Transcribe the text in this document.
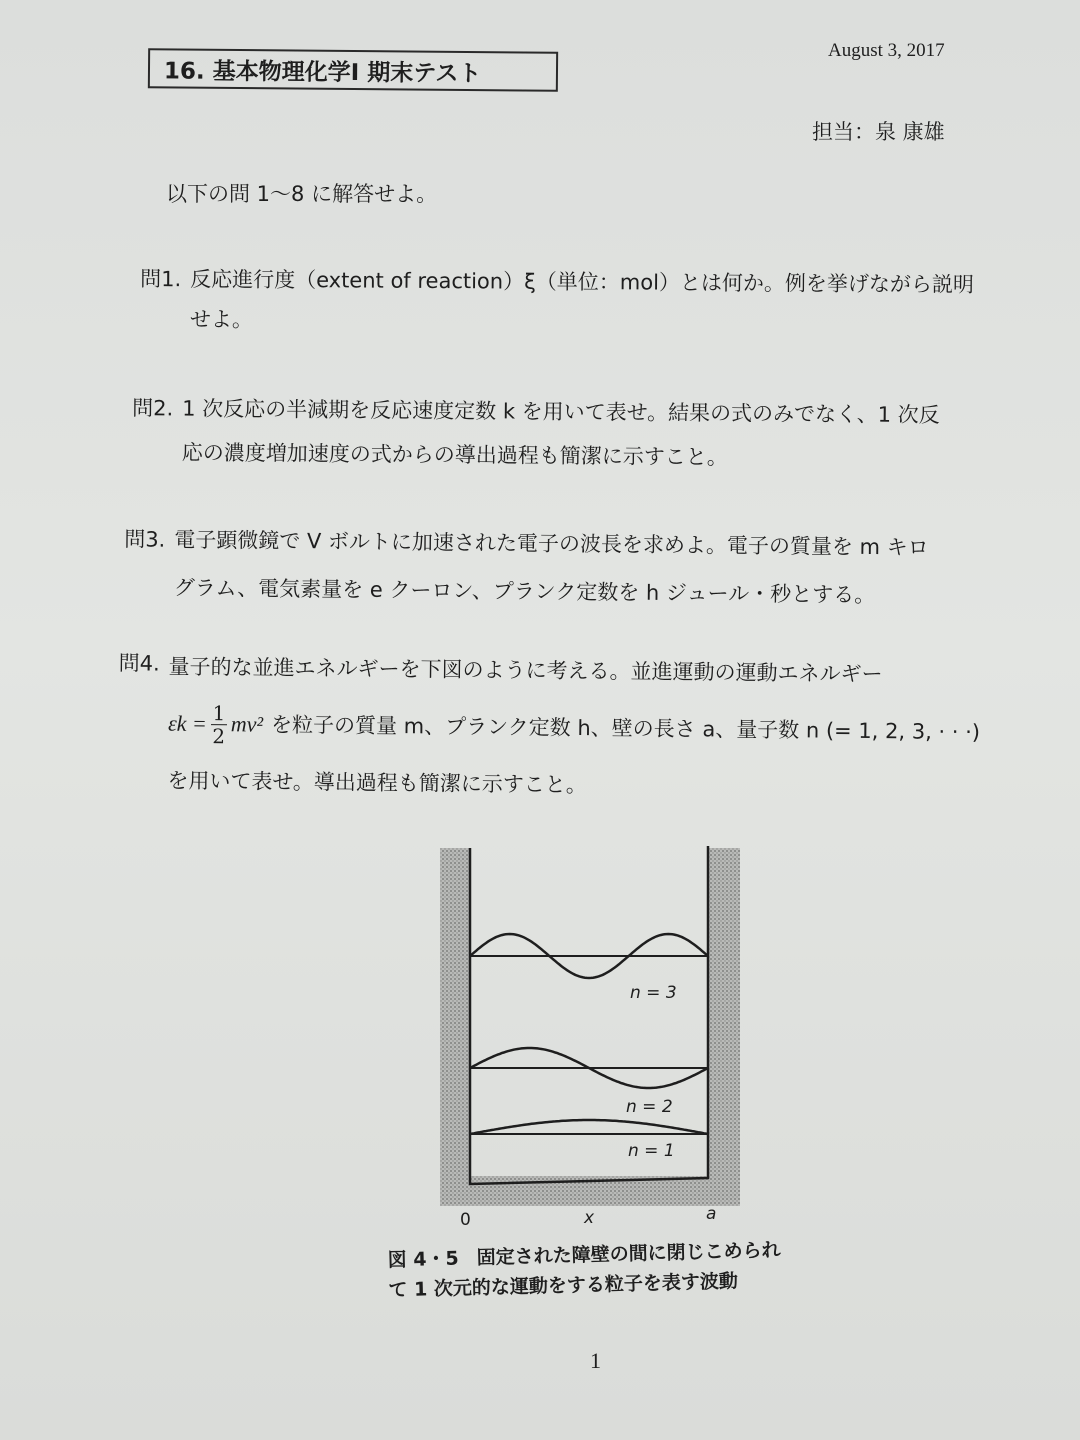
16. 基本物理化学I 期末テスト
August 3, 2017
担当：泉 康雄
以下の問 1〜8 に解答せよ。
問1. 反応進行度（extent of reaction）ξ（単位：mol）とは何か。例を挙げながら説明
せよ。
問2. 1 次反応の半減期を反応速度定数 k を用いて表せ。結果の式のみでなく、1 次反
応の濃度増加速度の式からの導出過程も簡潔に示すこと。
問3. 電子顕微鏡で V ボルトに加速された電子の波長を求めよ。電子の質量を m キロ
グラム、電気素量を e クーロン、プランク定数を h ジュール・秒とする。
問4. 量子的な並進エネルギーを下図のように考える。並進運動の運動エネルギー
$\varepsilon k = \frac{1}{2} mv^2$ を粒子の質量 m、プランク定数 h、壁の長さ a、量子数 n (= 1, 2, 3, · · ·)
を用いて表せ。導出過程も簡潔に示すこと。
n = 3
n = 2
n = 1
0	x	a
図 4・5 固定された障壁の間に閉じこめられて 1 次元的な運動をする粒子を表す波動
1
